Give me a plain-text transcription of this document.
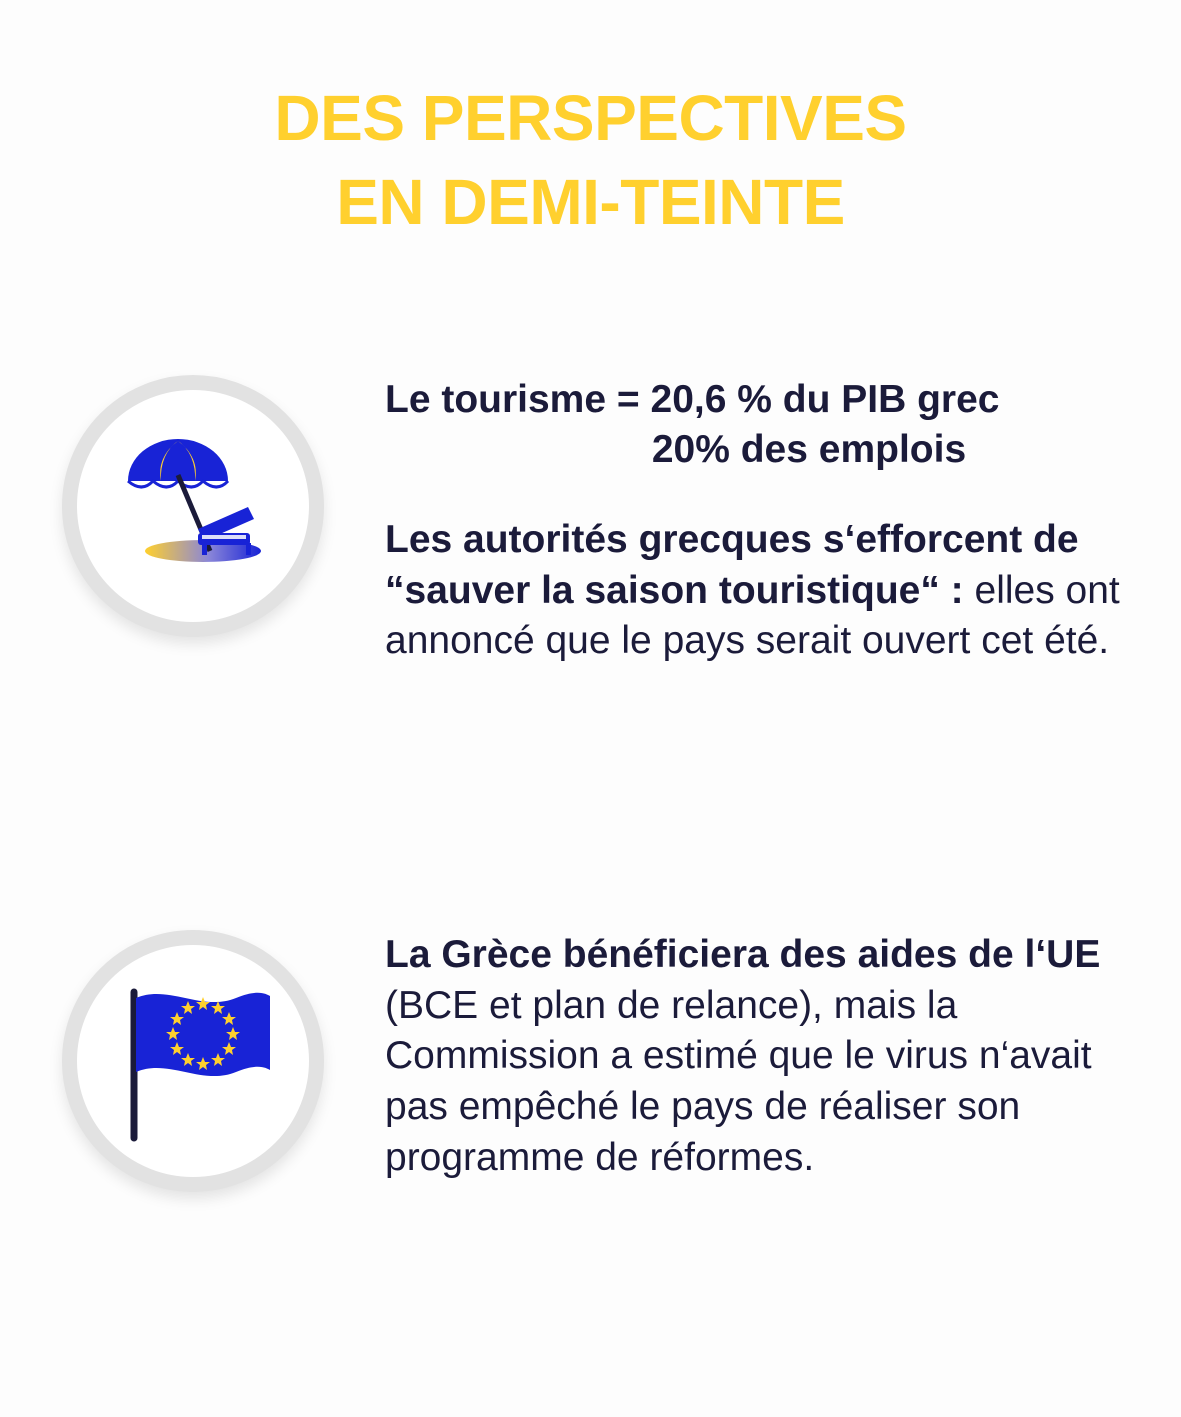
DES PERSPECTIVES
EN DEMI-TEINTE
Le tourisme = 20,6 % du PIB grec
20% des emplois
Les autorités grecques s‘efforcent de “sauver la saison touristique“ : elles ont annoncé que le pays serait ouvert cet été.
La Grèce bénéficiera des aides de l‘UE (BCE et plan de relance), mais la Commission a estimé que le virus n‘avait pas empêché le pays de réaliser son programme de réformes.
